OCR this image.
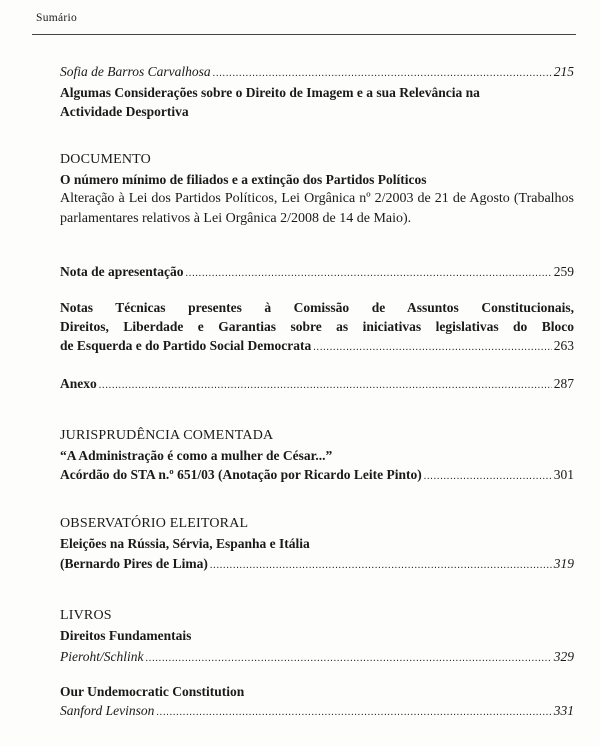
Sumário
Sofia de Barros Carvalhosa .....	215
Algumas Considerações sobre o Direito de Imagem e a sua Relevância na
Actividade Desportiva
DOCUMENTO
O número mínimo de filiados e a extinção dos Partidos Políticos
Alteração à Lei dos Partidos Políticos, Lei Orgânica nº 2/2003 de 21 de Agosto (Trabalhos parlamentares relativos à Lei Orgânica 2/2008 de 14 de Maio).
Nota de apresentação .....	259
Notas Técnicas presentes à Comissão de Assuntos Constitucionais,
Direitos, Liberdade e Garantias sobre as iniciativas legislativas do Bloco
de Esquerda e do Partido Social Democrata .....	263
Anexo .....	287
JURISPRUDÊNCIA COMENTADA
“A Administração é como a mulher de César...”
Acórdão do STA n.º 651/03 (Anotação por Ricardo Leite Pinto) .....	301
OBSERVATÓRIO ELEITORAL
Eleições na Rússia, Sérvia, Espanha e Itália
(Bernardo Pires de Lima) .....	319
LIVROS
Direitos Fundamentais
Pieroht/Schlink .....	329
Our Undemocratic Constitution
Sanford Levinson .....	331
